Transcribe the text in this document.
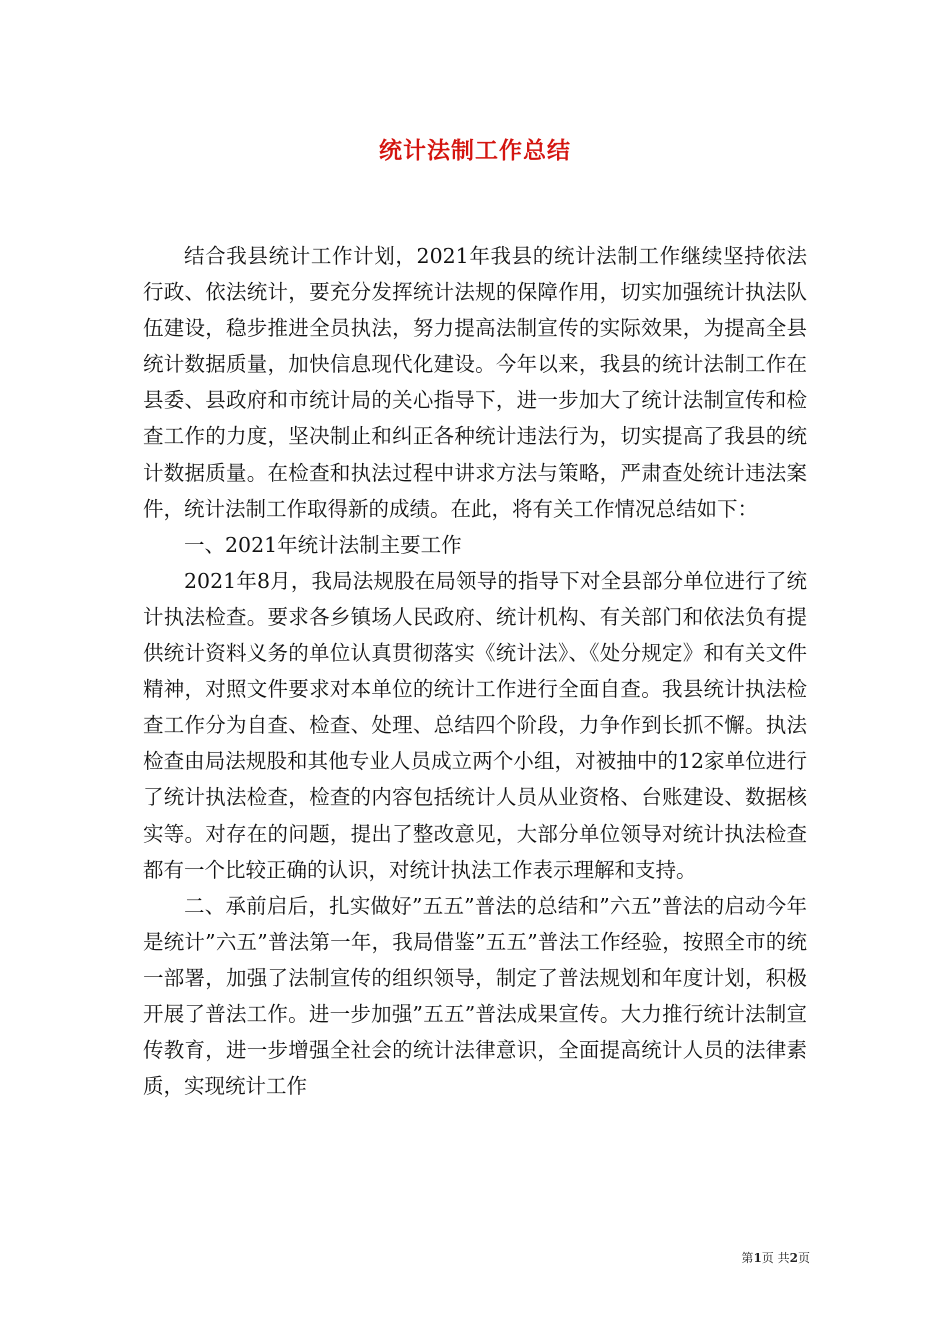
统计法制工作总结

结合我县统计工作计划，2021年我县的统计法制工作继续坚持依法行政、依法统计，要充分发挥统计法规的保障作用，切实加强统计执法队伍建设，稳步推进全员执法，努力提高法制宣传的实际效果，为提高全县统计数据质量，加快信息现代化建设。今年以来，我县的统计法制工作在县委、县政府和市统计局的关心指导下，进一步加大了统计法制宣传和检查工作的力度，坚决制止和纠正各种统计违法行为，切实提高了我县的统计数据质量。在检查和执法过程中讲求方法与策略，严肃查处统计违法案件，统计法制工作取得新的成绩。在此，将有关工作情况总结如下：

一、2021年统计法制主要工作

2021年8月，我局法规股在局领导的指导下对全县部分单位进行了统计执法检查。要求各乡镇场人民政府、统计机构、有关部门和依法负有提供统计资料义务的单位认真贯彻落实《统计法》、《处分规定》和有关文件精神，对照文件要求对本单位的统计工作进行全面自查。我县统计执法检查工作分为自查、检查、处理、总结四个阶段，力争作到长抓不懈。执法检查由局法规股和其他专业人员成立两个小组，对被抽中的12家单位进行了统计执法检查，检查的内容包括统计人员从业资格、台账建设、数据核实等。对存在的问题，提出了整改意见，大部分单位领导对统计执法检查都有一个比较正确的认识，对统计执法工作表示理解和支持。

二、承前启后，扎实做好”五五”普法的总结和”六五”普法的启动今年是统计”六五”普法第一年，我局借鉴”五五”普法工作经验，按照全市的统一部署，加强了法制宣传的组织领导，制定了普法规划和年度计划，积极开展了普法工作。进一步加强”五五”普法成果宣传。大力推行统计法制宣传教育，进一步增强全社会的统计法律意识，全面提高统计人员的法律素质，实现统计工作

第1页 共2页
